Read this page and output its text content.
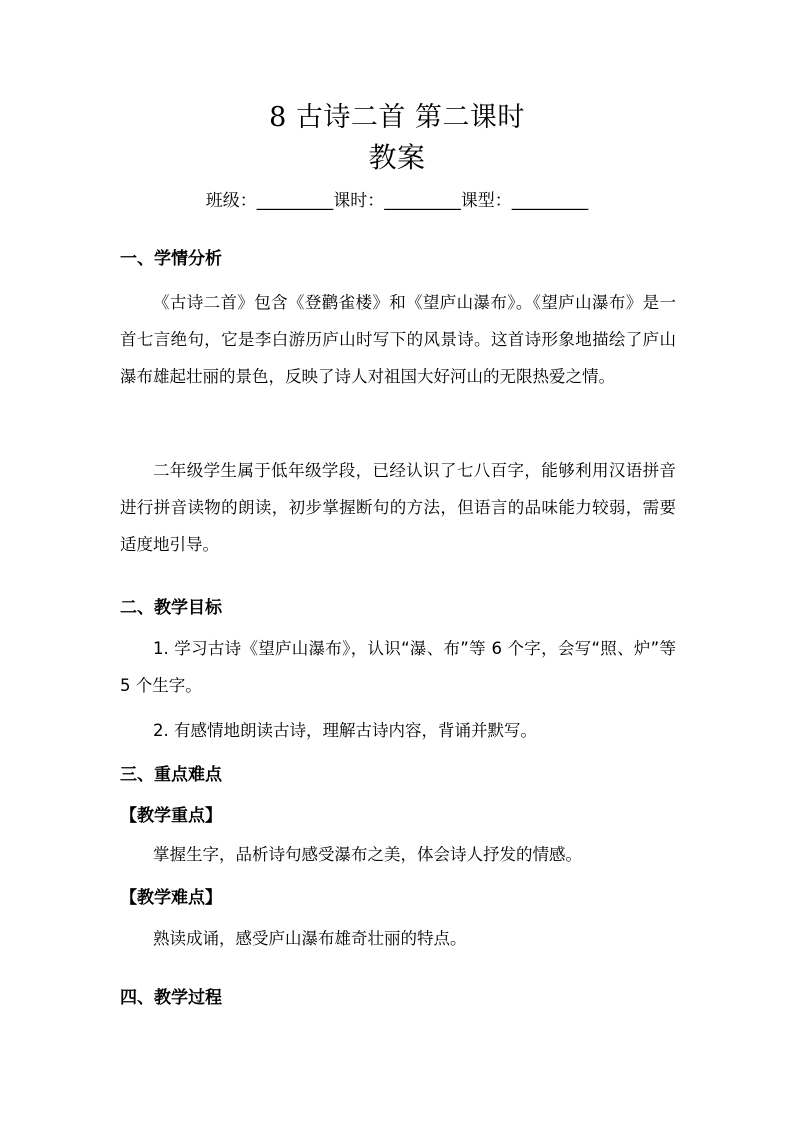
8 古诗二首 第二课时
教案
班级：_________课时：_________课型：_________
一、学情分析
《古诗二首》包含《登鹳雀楼》和《望庐山瀑布》。《望庐山瀑布》是一首七言绝句，它是李白游历庐山时写下的风景诗。这首诗形象地描绘了庐山瀑布雄起壮丽的景色，反映了诗人对祖国大好河山的无限热爱之情。
二年级学生属于低年级学段，已经认识了七八百字，能够利用汉语拼音进行拼音读物的朗读，初步掌握断句的方法，但语言的品味能力较弱，需要适度地引导。
二、教学目标
1. 学习古诗《望庐山瀑布》，认识“瀑、布”等 6 个字，会写“照、炉”等 5 个生字。
2. 有感情地朗读古诗，理解古诗内容，背诵并默写。
三、重点难点
【教学重点】
掌握生字，品析诗句感受瀑布之美，体会诗人抒发的情感。
【教学难点】
熟读成诵，感受庐山瀑布雄奇壮丽的特点。
四、教学过程
